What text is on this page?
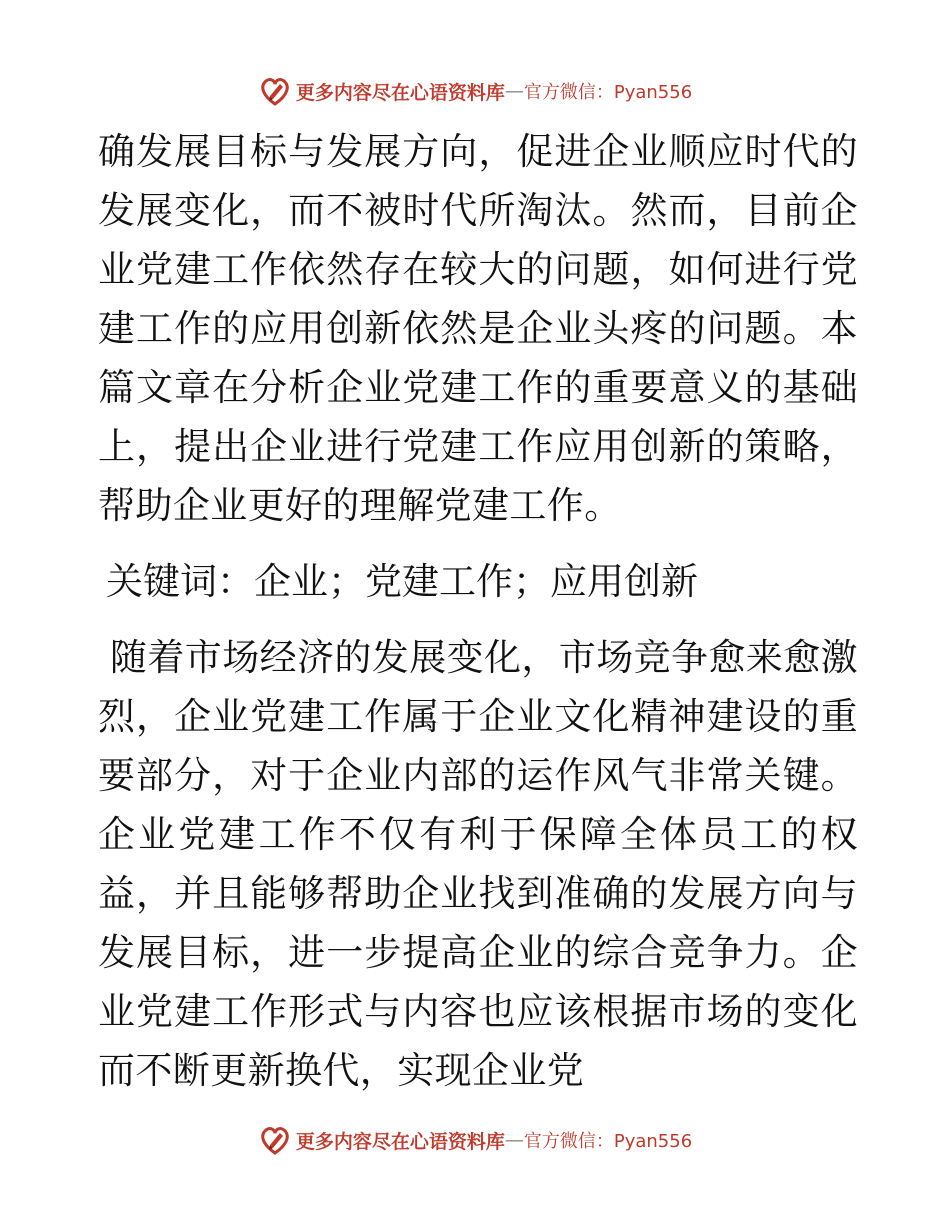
更多内容尽在心语资料库 — 官方微信：Pyan556

确发展目标与发展方向，促进企业顺应时代的发展变化，而不被时代所淘汰。然而，目前企业党建工作依然存在较大的问题，如何进行党建工作的应用创新依然是企业头疼的问题。本篇文章在分析企业党建工作的重要意义的基础上，提出企业进行党建工作应用创新的策略，帮助企业更好的理解党建工作。

关键词：企业；党建工作；应用创新

随着市场经济的发展变化，市场竞争愈来愈激
烈，企业党建工作属于企业文化精神建设的重要部分，对于企业内部的运作风气非常关键。企业党建工作不仅有利于保障全体员工的权益，并且能够帮助企业找到准确的发展方向与发展目标，进一步提高企业的综合竞争力。企业党建工作形式与内容也应该根据市场的变化而不断更新换代，实现企业党

更多内容尽在心语资料库 — 官方微信：Pyan556
